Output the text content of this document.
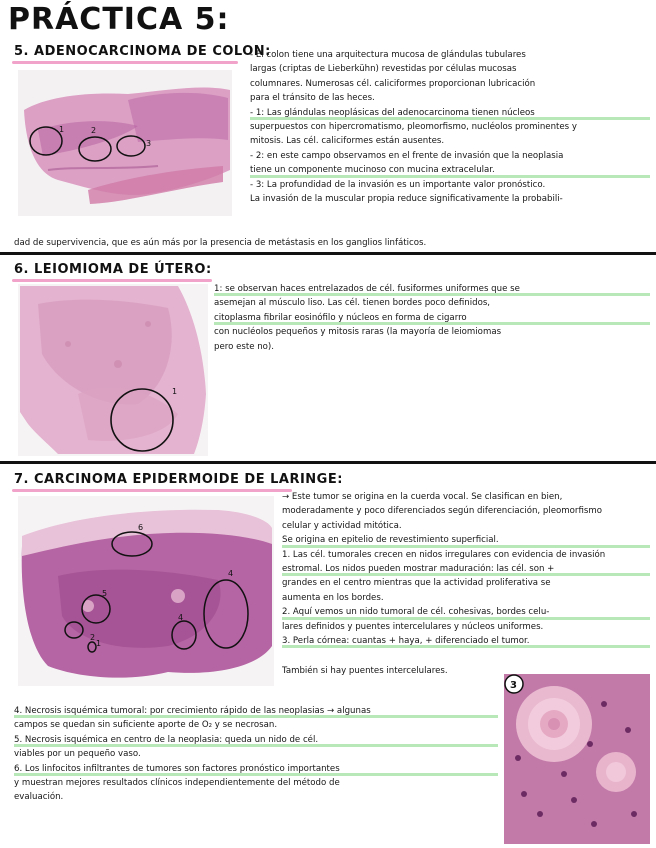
PRÁCTICA 5:
5. ADENOCARCINOMA DE COLON:
1	2
3

- El colon tiene una arquitectura mucosa de glándulas tubulares

largas (criptas de Lieberkühn) revestidas por células mucosas

columnares. Numerosas cél. caliciformes proporcionan lubricación

para el tránsito de las heces.

- 1: Las glándulas neoplásicas del adenocarcinoma tienen núcleos

superpuestos con hipercromatismo, pleomorfismo, nucléolos prominentes y

mitosis. Las cél. caliciformes están ausentes.

- 2: en este campo observamos en el frente de invasión que la neoplasia

tiene un componente mucinoso con mucina extracelular.

- 3: La profundidad de la invasión es un importante valor pronóstico.

La invasión de la muscular propia reduce significativamente la probabili-

dad de supervivencia, que es aún más por la presencia de metástasis en los ganglios linfáticos.

6. LEIOMIOMA DE ÚTERO:
1

1: se observan haces entrelazados de cél. fusiformes uniformes que se

asemejan al músculo liso. Las cél. tienen bordes poco definidos,

citoplasma fibrilar eosinófilo y núcleos en forma de cigarro

con nucléolos pequeños y mitosis raras (la mayoría de leiomiomas

pero este no).

7. CARCINOMA EPIDERMOIDE DE LARINGE:
1
2
6
5
4
4

→ Este tumor se origina en la cuerda vocal. Se clasifican en bien,

moderadamente y poco diferenciados según diferenciación, pleomorfismo

celular y actividad mitótica.

Se origina en epitelio de revestimiento superficial.

1. Las cél. tumorales crecen en nidos irregulares con evidencia de invasión

estromal. Los nidos pueden mostrar maduración: las cél. son +

grandes en el centro mientras que la actividad proliferativa se

aumenta en los bordes.

2. Aquí vemos un nido tumoral de cél. cohesivas, bordes celu-

lares definidos y puentes intercelulares y núcleos uniformes.

3. Perla córnea: cuantas + haya, + diferenciado el tumor.

También si hay puentes intercelulares.

4. Necrosis isquémica tumoral: por crecimiento rápido de las neoplasias → algunas

campos se quedan sin suficiente aporte de O₂ y se necrosan.

5. Necrosis isquémica en centro de la neoplasia: queda un nido de cél.

viables por un pequeño vaso.

6. Los linfocitos infiltrantes de tumores son factores pronóstico importantes

y muestran mejores resultados clínicos independientemente del método de

evaluación.

3
